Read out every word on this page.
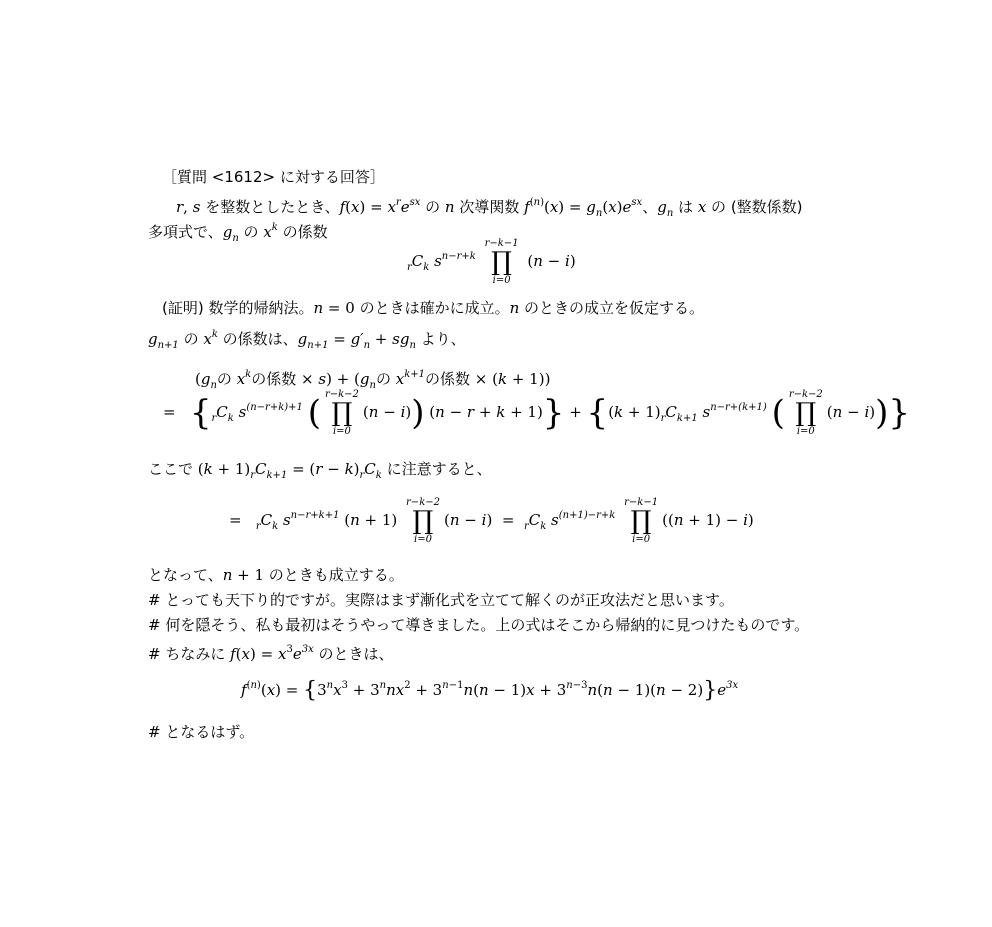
［質問 <1612> に対する回答］
r, s を整数としたとき、$f(x) = x^re^{sx}$ の n 次導関数 $f^{(n)}(x) = g_n(x)e^{sx}$、$g_n$ は x の (整数係数)
多項式で、$g_n$ の $x^k$ の係数
$_rC_k$ $s^{n-r+k}$
r−k−1
∏
i=0
(n − i)
(証明) 数学的帰納法。n = 0 のときは確かに成立。n のときの成立を仮定する。
$g_{n+1}$ の $x^k$ の係数は、$g_{n+1} = g'_n + sg_n$ より、
($g_n$の $x^k$の係数 × $s) + (g_n$の $x^{k+1}$の係数 × (k + 1))
=   {$_rC_k$ $s^{(n-r+k)+1}$ ( r−k−2
∏
i=0
(n − i)) $(n - r + k + 1)\} + \{(k + 1)_rC_{k+1}$ $s^{n-r+(k+1)}$ ( r−k−2
∏
i=0
(n − i))}
ここで $(k + 1)_rC_{k+1} = (r - k)_rC_k$ に注意すると、
=   $_rC_k$ $s^{n-r+k+1}$ (n + 1)
r−k−2
∏
i=0
$(n - i) = _rC_k$ $s^{(n+1)-r+k}$
r−k−1
∏
i=0
((n + 1) − i)
となって、n + 1 のときも成立する。
# とっても天下り的ですが。実際はまず漸化式を立てて解くのが正攻法だと思います。
# 何を隠そう、私も最初はそうやって導きました。上の式はそこから帰納的に見つけたものです。
# ちなみに $f(x) = x^3e^{3x}$ のときは、
$f^{(n)}(x) = \{3^nx^3 + 3^nnx^2 + 3^{n-1}n(n - 1)x + 3^{n-3}n(n - 1)(n - 2)\}e^{3x}$
# となるはず。
